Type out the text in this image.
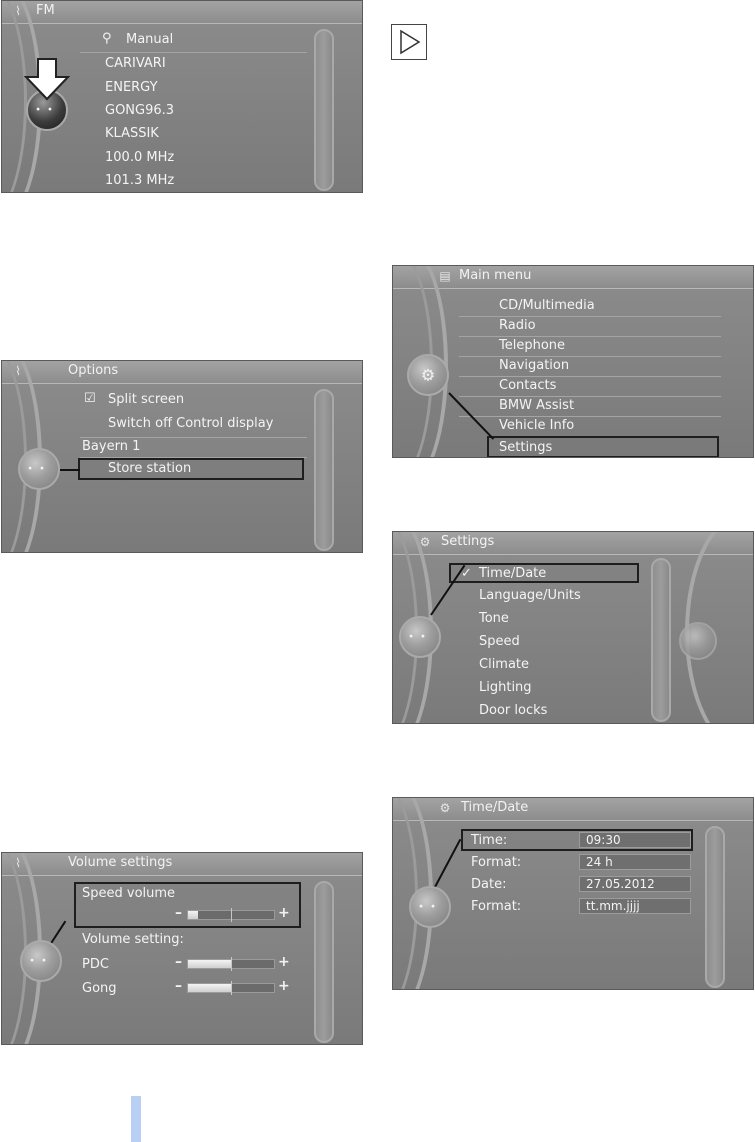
⌇	FM
⚲ Manual
CARIVARI
ENERGY
GONG96.3
KLASSIK
100.0 MHz
101.3 MHz
••
⌇	Options
☑ Split screen
Switch off Control display
Bayern 1
Store station
••
⌇	Volume settings
Speed volume
–	+
Volume setting:
PDC	–	+
Gong	–	+
••
▤ Main menu
CD/Multimedia
Radio
Telephone
Navigation
Contacts
BMW Assist
Vehicle Info
Settings
⚙
⚙ Settings
✓ Time/Date
Language/Units
Tone
Speed
Climate
Lighting
Door locks
••
⚙ Time/Date
Time:	09:30
Format:	24 h
Date:	27.05.2012
Format:	tt.mm.jjjj
••
